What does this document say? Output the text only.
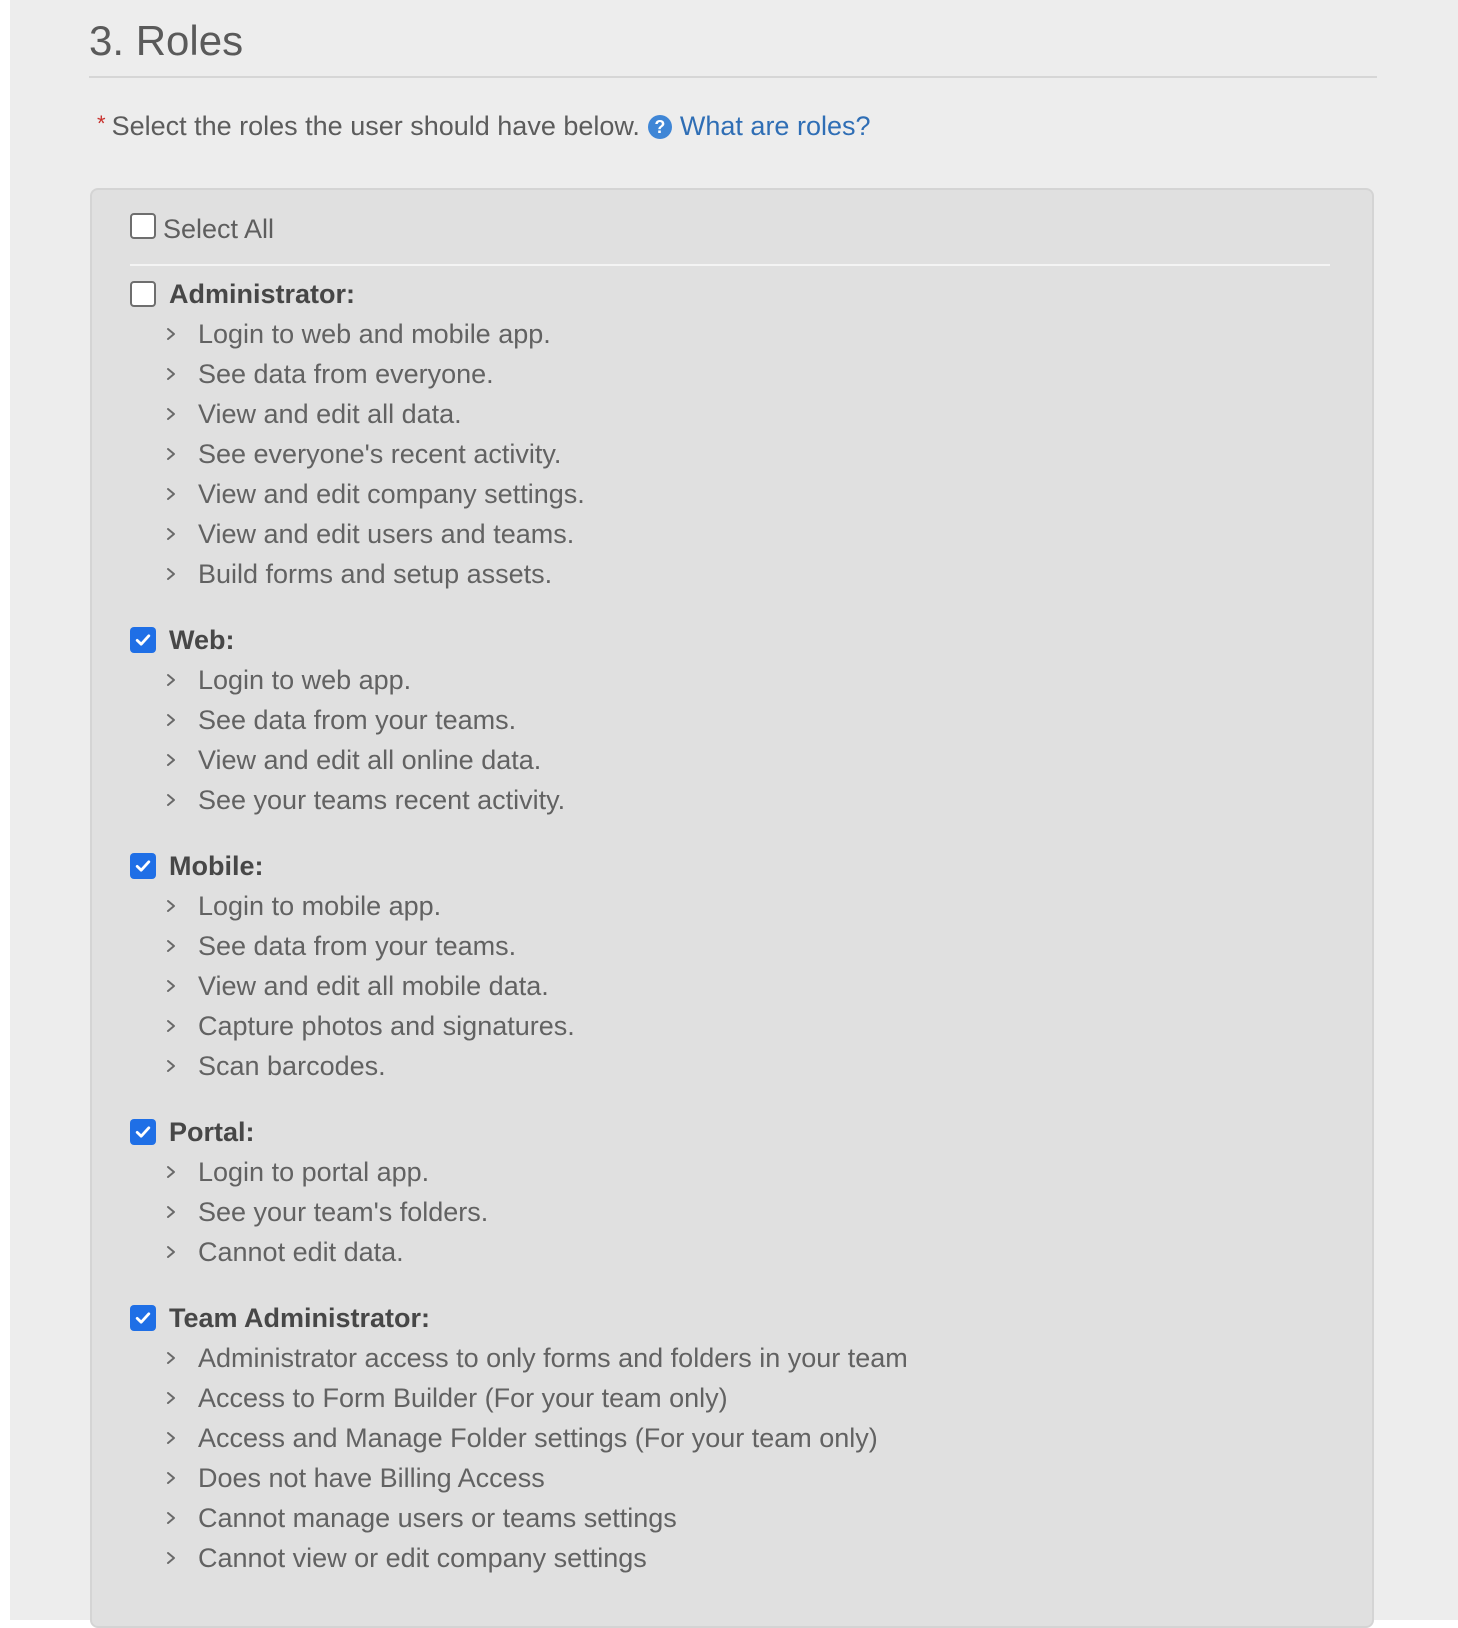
3. Roles
* Select the roles the user should have below. ? What are roles?
Select All
Administrator:
Login to web and mobile app.
See data from everyone.
View and edit all data.
See everyone's recent activity.
View and edit company settings.
View and edit users and teams.
Build forms and setup assets.
Web:
Login to web app.
See data from your teams.
View and edit all online data.
See your teams recent activity.
Mobile:
Login to mobile app.
See data from your teams.
View and edit all mobile data.
Capture photos and signatures.
Scan barcodes.
Portal:
Login to portal app.
See your team's folders.
Cannot edit data.
Team Administrator:
Administrator access to only forms and folders in your team
Access to Form Builder (For your team only)
Access and Manage Folder settings (For your team only)
Does not have Billing Access
Cannot manage users or teams settings
Cannot view or edit company settings
